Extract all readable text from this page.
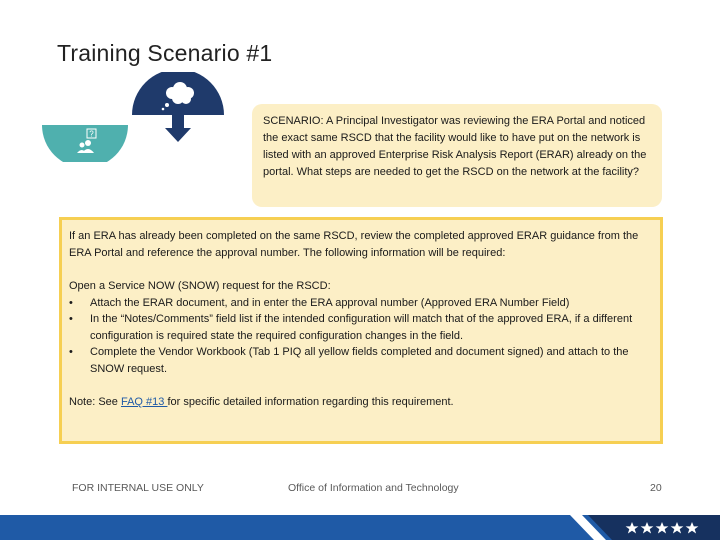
Training Scenario #1
?
SCENARIO: A Principal Investigator was reviewing the ERA Portal and noticed the exact same RSCD that the facility would like to have put on the network is listed with an approved Enterprise Risk Analysis Report (ERAR) already on the portal. What steps are needed to get the RSCD on the network at the facility?

If an ERA has already been completed on the same RSCD, review the completed approved ERAR guidance from the ERA Portal and reference the approval number. The following information will be required:

Open a Service NOW (SNOW) request for the RSCD:

• Attach the ERAR document, and in enter the ERA approval number (Approved ERA Number Field)
• In the “Notes/Comments” field list if the intended configuration will match that of the approved ERA, if a different configuration is required state the required configuration changes in the field.
• Complete the Vendor Workbook (Tab 1 PIQ all yellow fields completed and document signed) and attach to the SNOW request.

Note: See FAQ #13 for specific detailed information regarding this requirement.

FOR INTERNAL USE ONLY	Office of Information and Technology	20
